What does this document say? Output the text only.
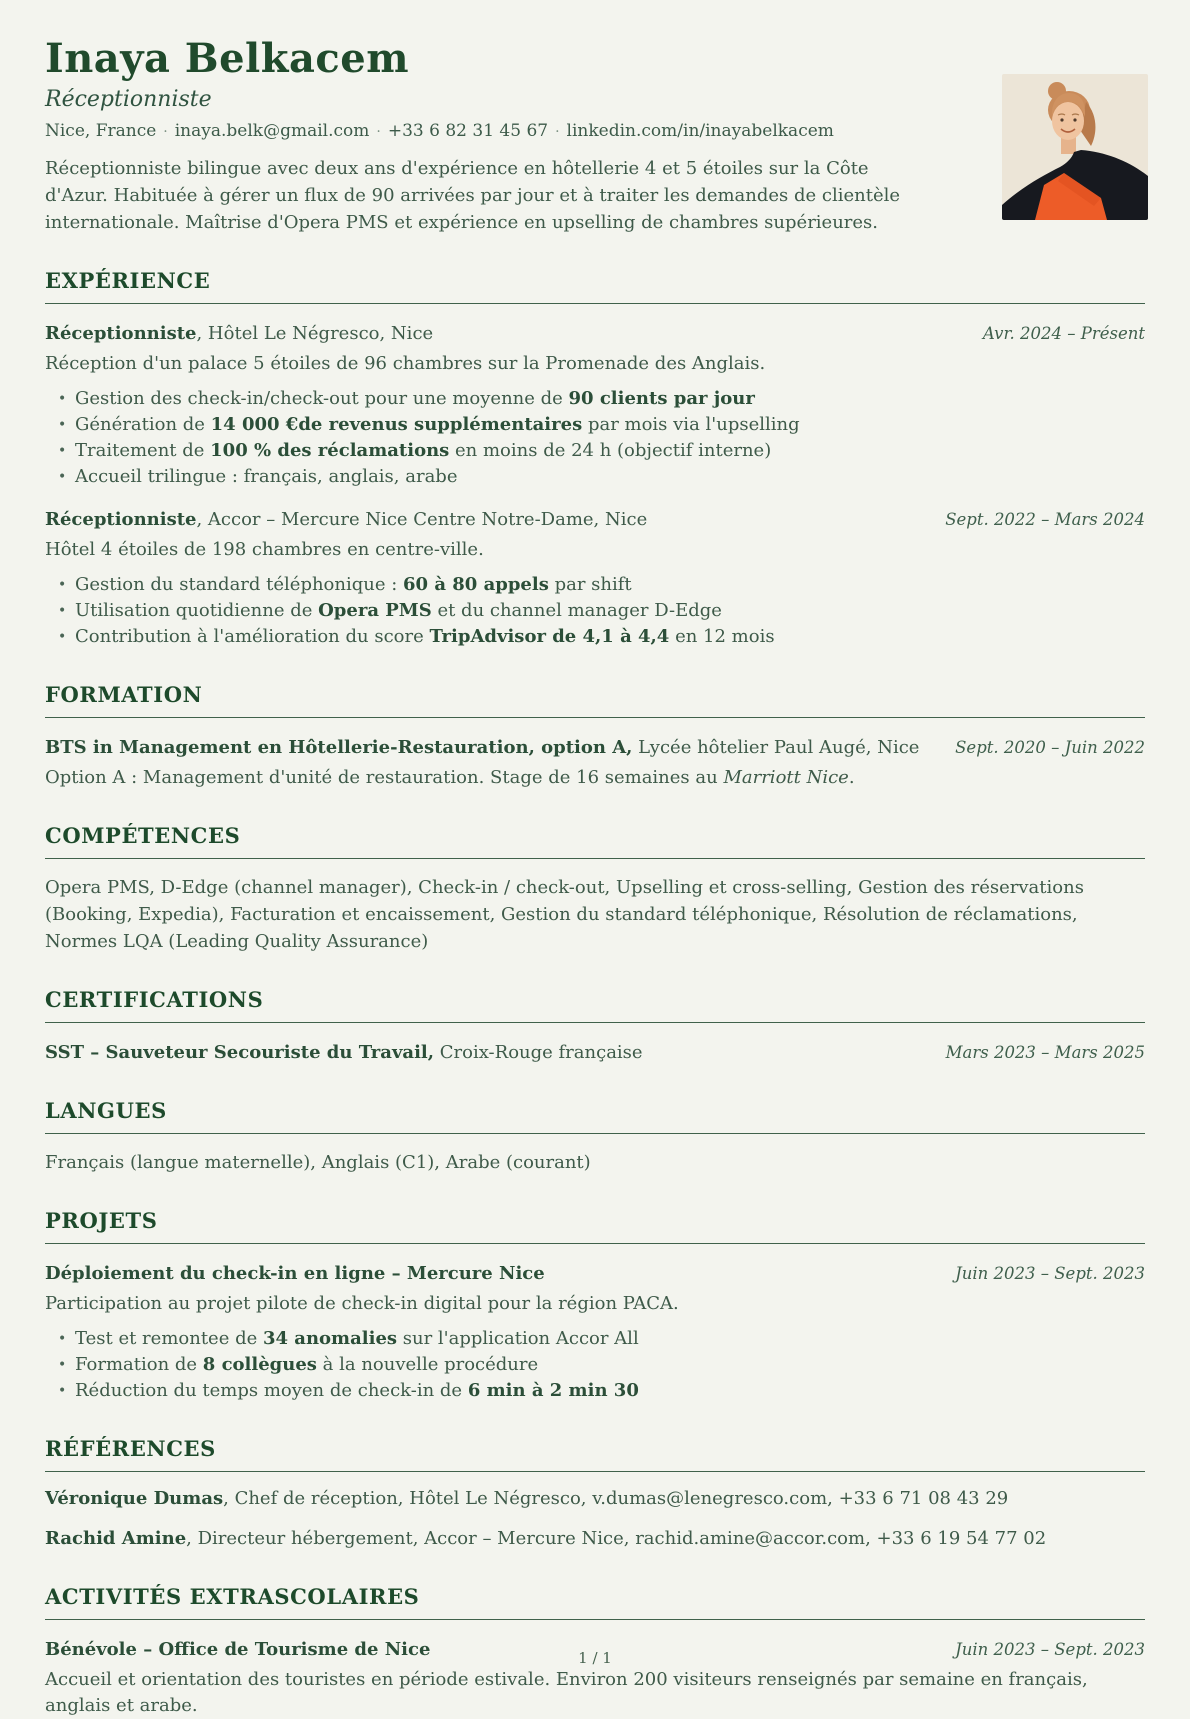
Inaya Belkacem
Réceptionniste
Nice, France · inaya.belk@gmail.com · +33 6 82 31 45 67 · linkedin.com/in/inayabelkacem

Réceptionniste bilingue avec deux ans d'expérience en hôtellerie 4 et 5 étoiles sur la Côte d'Azur. Habituée à gérer un flux de 90 arrivées par jour et à traiter les demandes de clientèle internationale. Maîtrise d'Opera PMS et expérience en upselling de chambres supérieures.

EXPÉRIENCE
Réceptionniste, Hôtel Le Négresco, Nice	Avr. 2024 – Présent
Réception d'un palace 5 étoiles de 96 chambres sur la Promenade des Anglais.
• Gestion des check-in/check-out pour une moyenne de 90 clients par jour
• Génération de 14 000 €de revenus supplémentaires par mois via l'upselling
• Traitement de 100 % des réclamations en moins de 24 h (objectif interne)
• Accueil trilingue : français, anglais, arabe
Réceptionniste, Accor – Mercure Nice Centre Notre-Dame, Nice	Sept. 2022 – Mars 2024
Hôtel 4 étoiles de 198 chambres en centre-ville.
• Gestion du standard téléphonique : 60 à 80 appels par shift
• Utilisation quotidienne de Opera PMS et du channel manager D-Edge
• Contribution à l'amélioration du score TripAdvisor de 4,1 à 4,4 en 12 mois
FORMATION
BTS in Management en Hôtellerie-Restauration, option A, Lycée hôtelier Paul Augé, Nice	Sept. 2020 – Juin 2022
Option A : Management d'unité de restauration. Stage de 16 semaines au Marriott Nice.
COMPÉTENCES

Opera PMS, D-Edge (channel manager), Check-in / check-out, Upselling et cross-selling, Gestion des réservations (Booking, Expedia), Facturation et encaissement, Gestion du standard téléphonique, Résolution de réclamations, Normes LQA (Leading Quality Assurance)

CERTIFICATIONS
SST – Sauveteur Secouriste du Travail, Croix-Rouge française	Mars 2023 – Mars 2025
LANGUES

Français (langue maternelle), Anglais (C1), Arabe (courant)

PROJETS
Déploiement du check-in en ligne – Mercure Nice	Juin 2023 – Sept. 2023
Participation au projet pilote de check-in digital pour la région PACA.
• Test et remontee de 34 anomalies sur l'application Accor All
• Formation de 8 collègues à la nouvelle procédure
• Réduction du temps moyen de check-in de 6 min à 2 min 30
RÉFÉRENCES
Véronique Dumas, Chef de réception, Hôtel Le Négresco, v.dumas@lenegresco.com, +33 6 71 08 43 29
Rachid Amine, Directeur hébergement, Accor – Mercure Nice, rachid.amine@accor.com, +33 6 19 54 77 02
ACTIVITÉS EXTRASCOLAIRES
Bénévole – Office de Tourisme de Nice	Juin 2023 – Sept. 2023
Accueil et orientation des touristes en période estivale. Environ 200 visiteurs renseignés par semaine en français, anglais et arabe.
1 / 1
